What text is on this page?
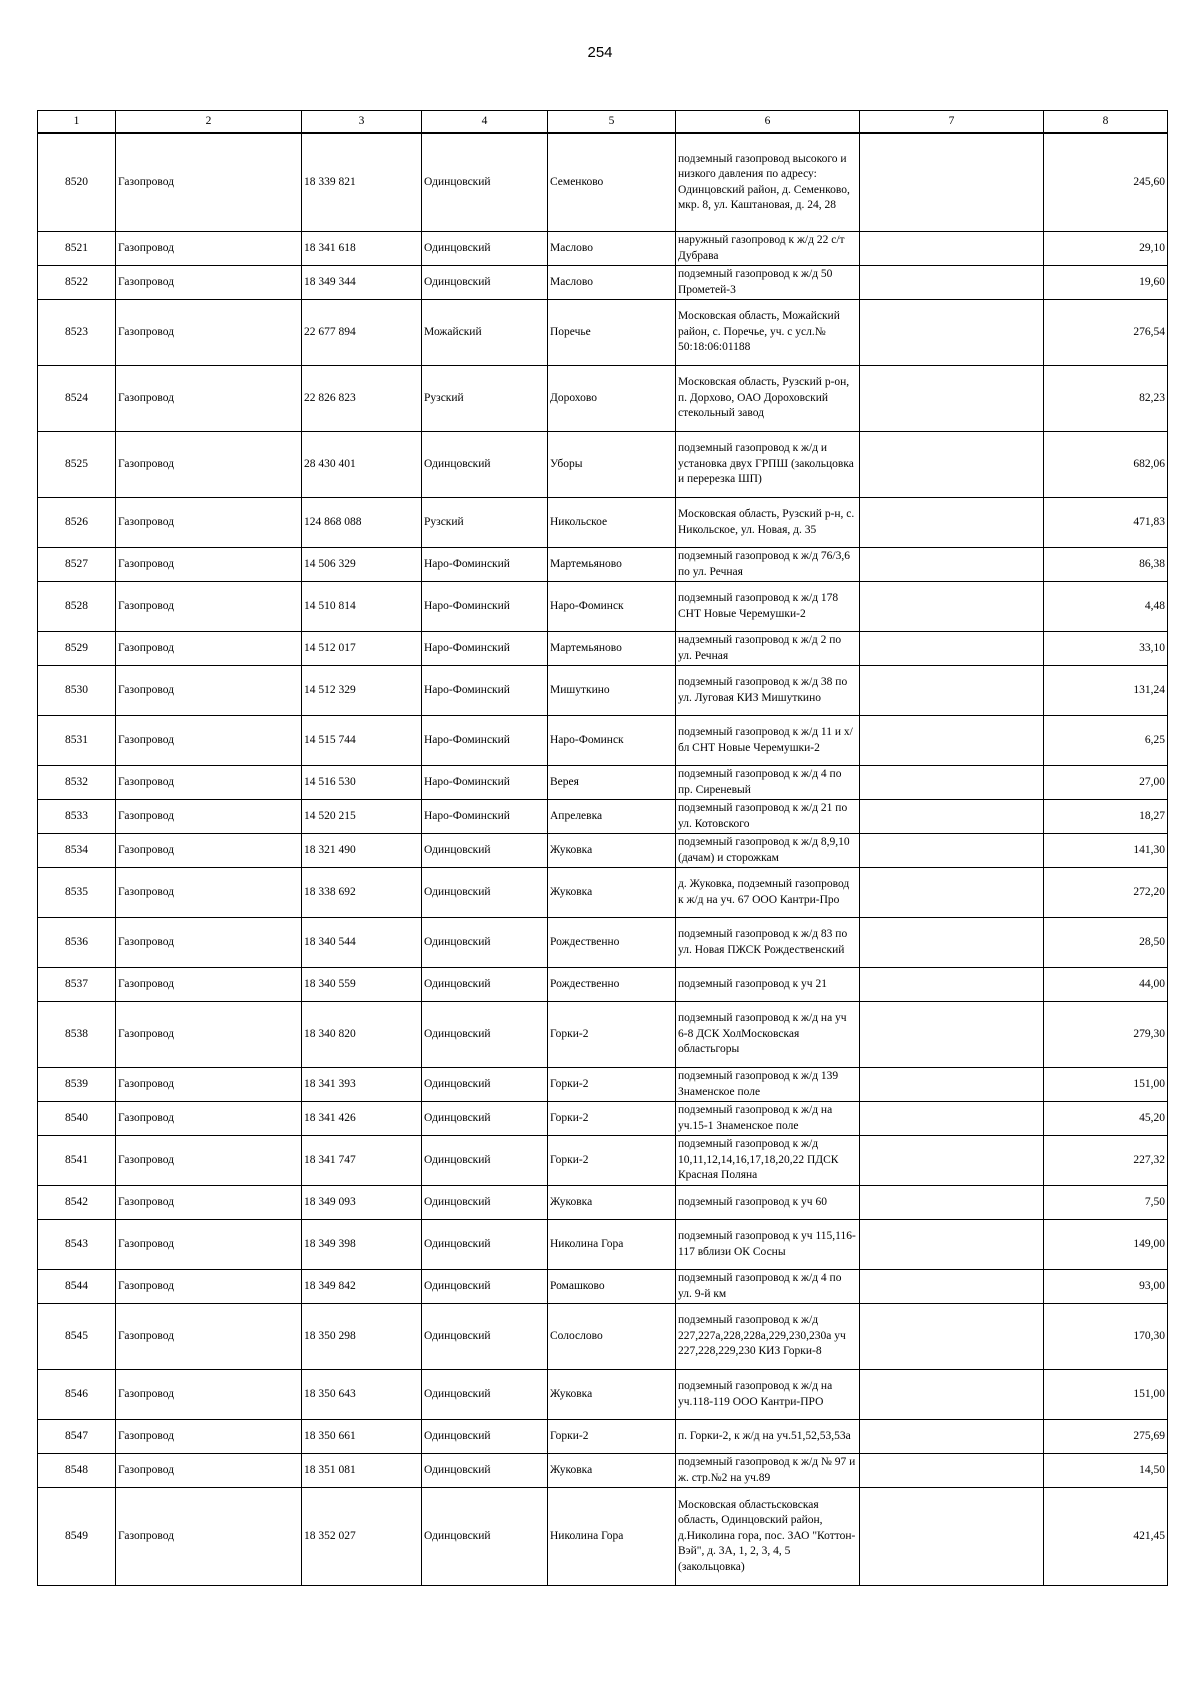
254
1	2	3	4	5	6	7	8
8520	Газопровод	18 339 821	Одинцовский	Семенково	подземный газопровод высокого и низкого давления по адресу: Одинцовский район, д. Семенково, мкр. 8, ул. Каштановая, д. 24, 28		245,60
8521	Газопровод	18 341 618	Одинцовский	Маслово	наружный газопровод к ж/д 22 с/т Дубрава		29,10
8522	Газопровод	18 349 344	Одинцовский	Маслово	подземный газопровод к ж/д 50 Прометей-3		19,60
8523	Газопровод	22 677 894	Можайский	Поречье	Московская область, Можайский район, с. Поречье, уч. с усл.№ 50:18:06:01188		276,54
8524	Газопровод	22 826 823	Рузский	Дорохово	Московская область, Рузский р-он, п. Дорхово, ОАО Дороховский стекольный завод		82,23
8525	Газопровод	28 430 401	Одинцовский	Уборы	подземный газопровод к ж/д и установка двух ГРПШ (закольцовка и перерезка ШП)		682,06
8526	Газопровод	124 868 088	Рузский	Никольское	Московская область, Рузский р-н, с. Никольское, ул. Новая, д. 35		471,83
8527	Газопровод	14 506 329	Наро-Фоминский	Мартемьяново	подземный газопровод к ж/д 76/3,6 по ул. Речная		86,38
8528	Газопровод	14 510 814	Наро-Фоминский	Наро-Фоминск	подземный газопровод к ж/д 178 СНТ Новые Черемушки-2		4,48
8529	Газопровод	14 512 017	Наро-Фоминский	Мартемьяново	надземный газопровод к ж/д 2 по ул. Речная		33,10
8530	Газопровод	14 512 329	Наро-Фоминский	Мишуткино	подземный газопровод к ж/д 38 по ул. Луговая КИЗ Мишуткино		131,24
8531	Газопровод	14 515 744	Наро-Фоминский	Наро-Фоминск	подземный газопровод к ж/д 11 и х/бл СНТ Новые Черемушки-2		6,25
8532	Газопровод	14 516 530	Наро-Фоминский	Верея	подземный газопровод к ж/д 4 по пр. Сиреневый		27,00
8533	Газопровод	14 520 215	Наро-Фоминский	Апрелевка	подземный газопровод к ж/д 21 по ул. Котовского		18,27
8534	Газопровод	18 321 490	Одинцовский	Жуковка	подземный газопровод к ж/д 8,9,10 (дачам) и сторожкам		141,30
8535	Газопровод	18 338 692	Одинцовский	Жуковка	д. Жуковка, подземный газопровод к ж/д на уч. 67 ООО Кантри-Про		272,20
8536	Газопровод	18 340 544	Одинцовский	Рождественно	подземный газопровод к ж/д 83 по ул. Новая ПЖСК Рождественский		28,50
8537	Газопровод	18 340 559	Одинцовский	Рождественно	подземный газопровод к уч 21		44,00
8538	Газопровод	18 340 820	Одинцовский	Горки-2	подземный газопровод к ж/д на уч 6-8 ДСК ХолМосковская областьгоры		279,30
8539	Газопровод	18 341 393	Одинцовский	Горки-2	подземный газопровод к ж/д 139 Знаменское поле		151,00
8540	Газопровод	18 341 426	Одинцовский	Горки-2	подземный газопровод к ж/д на уч.15-1 Знаменское поле		45,20
8541	Газопровод	18 341 747	Одинцовский	Горки-2	подземный газопровод к ж/д 10,11,12,14,16,17,18,20,22 ПДСК Красная Поляна		227,32
8542	Газопровод	18 349 093	Одинцовский	Жуковка	подземный газопровод к уч 60		7,50
8543	Газопровод	18 349 398	Одинцовский	Николина Гора	подземный газопровод к уч 115,116-117 вблизи ОК Сосны		149,00
8544	Газопровод	18 349 842	Одинцовский	Ромашково	подземный газопровод к ж/д 4 по ул. 9-й км		93,00
8545	Газопровод	18 350 298	Одинцовский	Солослово	подземный газопровод к ж/д 227,227а,228,228а,229,230,230а уч 227,228,229,230 КИЗ Горки-8		170,30
8546	Газопровод	18 350 643	Одинцовский	Жуковка	подземный газопровод к ж/д на уч.118-119 ООО Кантри-ПРО		151,00
8547	Газопровод	18 350 661	Одинцовский	Горки-2	п. Горки-2, к ж/д на уч.51,52,53,53а		275,69
8548	Газопровод	18 351 081	Одинцовский	Жуковка	подземный газопровод к ж/д № 97 и ж. стр.№2 на уч.89		14,50
8549	Газопровод	18 352 027	Одинцовский	Николина Гора	Московская областьсковская область, Одинцовский район, д.Николина гора, пос. ЗАО "Коттон-Вэй", д. 3А, 1, 2, 3, 4, 5 (закольцовка)		421,45
